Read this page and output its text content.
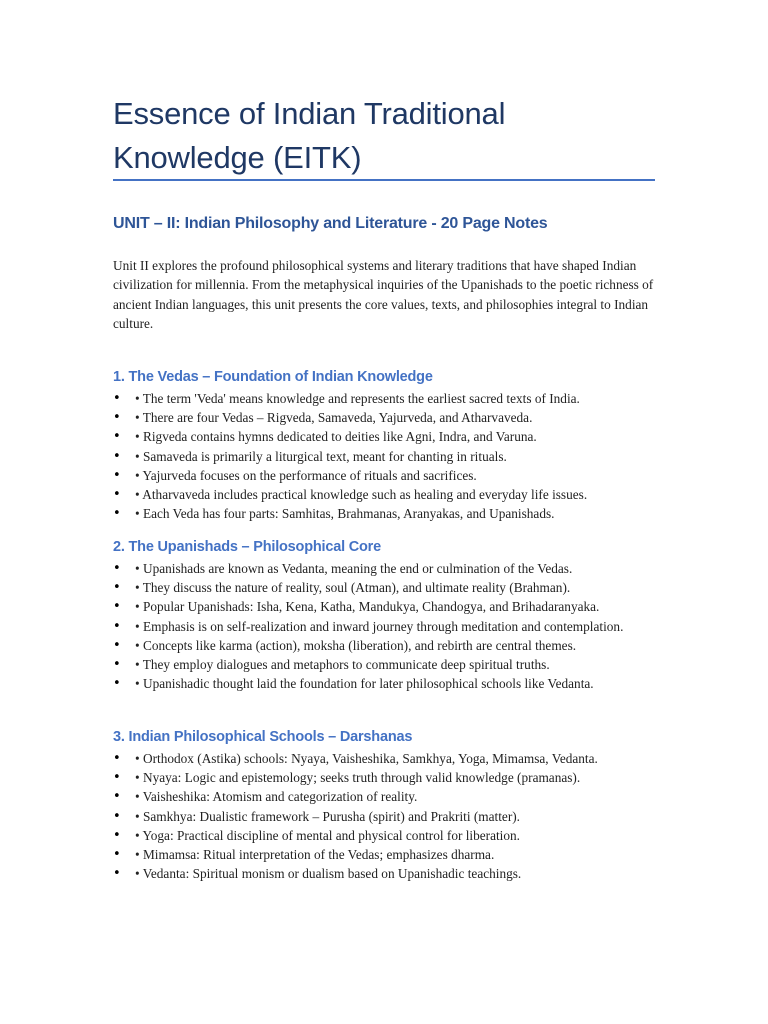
Essence of Indian Traditional Knowledge (EITK)
UNIT – II: Indian Philosophy and Literature - 20 Page Notes

Unit II explores the profound philosophical systems and literary traditions that have shaped Indian civilization for millennia. From the metaphysical inquiries of the Upanishads to the poetic richness of ancient Indian languages, this unit presents the core values, texts, and philosophies integral to Indian culture.

1. The Vedas – Foundation of Indian Knowledge
• • The term 'Veda' means knowledge and represents the earliest sacred texts of India.
• • There are four Vedas – Rigveda, Samaveda, Yajurveda, and Atharvaveda.
• • Rigveda contains hymns dedicated to deities like Agni, Indra, and Varuna.
• • Samaveda is primarily a liturgical text, meant for chanting in rituals.
• • Yajurveda focuses on the performance of rituals and sacrifices.
• • Atharvaveda includes practical knowledge such as healing and everyday life issues.
• • Each Veda has four parts: Samhitas, Brahmanas, Aranyakas, and Upanishads.
2. The Upanishads – Philosophical Core
• • Upanishads are known as Vedanta, meaning the end or culmination of the Vedas.
• • They discuss the nature of reality, soul (Atman), and ultimate reality (Brahman).
• • Popular Upanishads: Isha, Kena, Katha, Mandukya, Chandogya, and Brihadaranyaka.
• • Emphasis is on self-realization and inward journey through meditation and contemplation.
• • Concepts like karma (action), moksha (liberation), and rebirth are central themes.
• • They employ dialogues and metaphors to communicate deep spiritual truths.
• • Upanishadic thought laid the foundation for later philosophical schools like Vedanta.
3. Indian Philosophical Schools – Darshanas
• • Orthodox (Astika) schools: Nyaya, Vaisheshika, Samkhya, Yoga, Mimamsa, Vedanta.
• • Nyaya: Logic and epistemology; seeks truth through valid knowledge (pramanas).
• • Vaisheshika: Atomism and categorization of reality.
• • Samkhya: Dualistic framework – Purusha (spirit) and Prakriti (matter).
• • Yoga: Practical discipline of mental and physical control for liberation.
• • Mimamsa: Ritual interpretation of the Vedas; emphasizes dharma.
• • Vedanta: Spiritual monism or dualism based on Upanishadic teachings.
